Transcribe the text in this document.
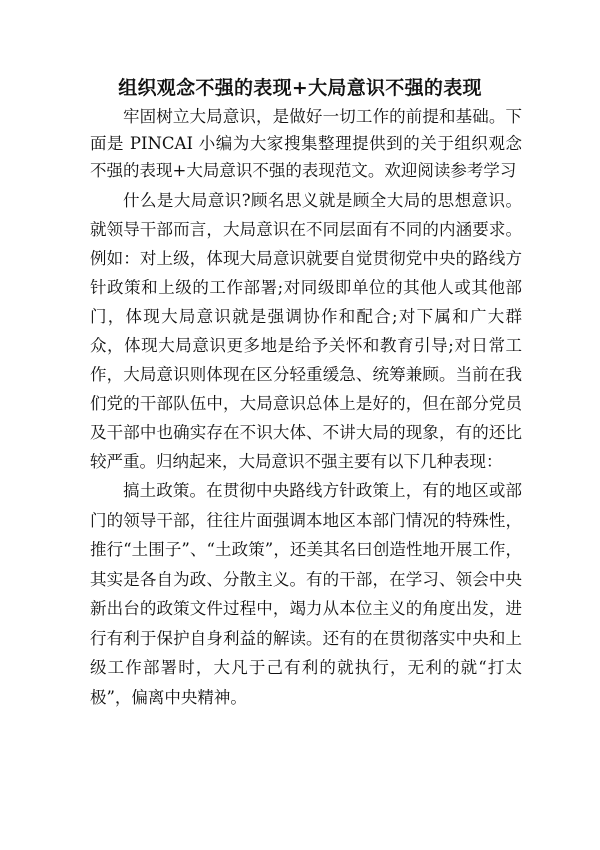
组织观念不强的表现+大局意识不强的表现

牢固树立大局意识，是做好一切工作的前提和基础。下面是 PINCAI 小编为大家搜集整理提供到的关于组织观念不强的表现+大局意识不强的表现范文。欢迎阅读参考学习

什么是大局意识?顾名思义就是顾全大局的思想意识。就领导干部而言，大局意识在不同层面有不同的内涵要求。例如：对上级，体现大局意识就要自觉贯彻党中央的路线方针政策和上级的工作部署;对同级即单位的其他人或其他部门，体现大局意识就是强调协作和配合;对下属和广大群众，体现大局意识更多地是给予关怀和教育引导;对日常工作，大局意识则体现在区分轻重缓急、统筹兼顾。当前在我们党的干部队伍中，大局意识总体上是好的，但在部分党员及干部中也确实存在不识大体、不讲大局的现象，有的还比较严重。归纳起来，大局意识不强主要有以下几种表现：

搞土政策。在贯彻中央路线方针政策上，有的地区或部门的领导干部，往往片面强调本地区本部门情况的特殊性，推行“土围子”、“土政策”，还美其名曰创造性地开展工作，其实是各自为政、分散主义。有的干部，在学习、领会中央新出台的政策文件过程中，竭力从本位主义的角度出发，进行有利于保护自身利益的解读。还有的在贯彻落实中央和上级工作部署时，大凡于己有利的就执行，无利的就“打太极”，偏离中央精神。
